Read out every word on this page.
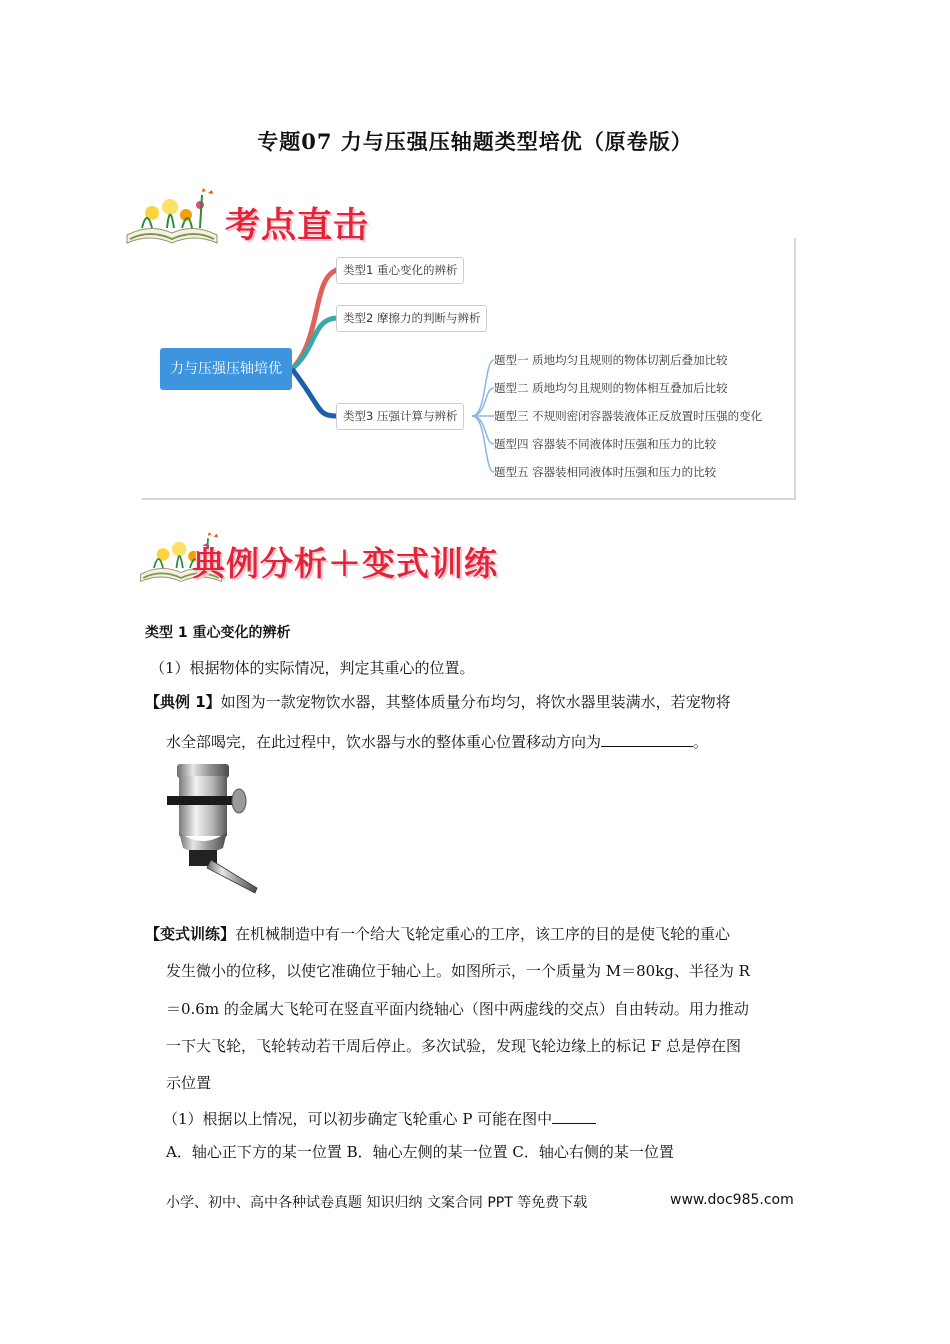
专题07 力与压强压轴题类型培优（原卷版）
考点直击
力与压强压轴培优
类型1 重心变化的辨析
类型2 摩擦力的判断与辨析
类型3 压强计算与辨析
题型一 质地均匀且规则的物体切割后叠加比较
题型二 质地均匀且规则的物体相互叠加后比较
题型三 不规则密闭容器装液体正反放置时压强的变化
题型四 容器装不同液体时压强和压力的比较
题型五 容器装相同液体时压强和压力的比较
典例分析＋变式训练
类型 1 重心变化的辨析
（1）根据物体的实际情况，判定其重心的位置。
【典例 1】如图为一款宠物饮水器，其整体质量分布均匀，将饮水器里装满水，若宠物将
水全部喝完，在此过程中，饮水器与水的整体重心位置移动方向为	。
【变式训练】在机械制造中有一个给大飞轮定重心的工序，该工序的目的是使飞轮的重心
发生微小的位移，以使它准确位于轴心上。如图所示，一个质量为 M＝80kg、半径为 R
＝0.6m 的金属大飞轮可在竖直平面内绕轴心（图中两虚线的交点）自由转动。用力推动
一下大飞轮，飞轮转动若干周后停止。多次试验，发现飞轮边缘上的标记 F 总是停在图
示位置
（1）根据以上情况，可以初步确定飞轮重心 P 可能在图中
A．轴心正下方的某一位置 B．轴心左侧的某一位置 C．轴心右侧的某一位置
小学、初中、高中各种试卷真题 知识归纳 文案合同 PPT 等免费下载	www.doc985.com
